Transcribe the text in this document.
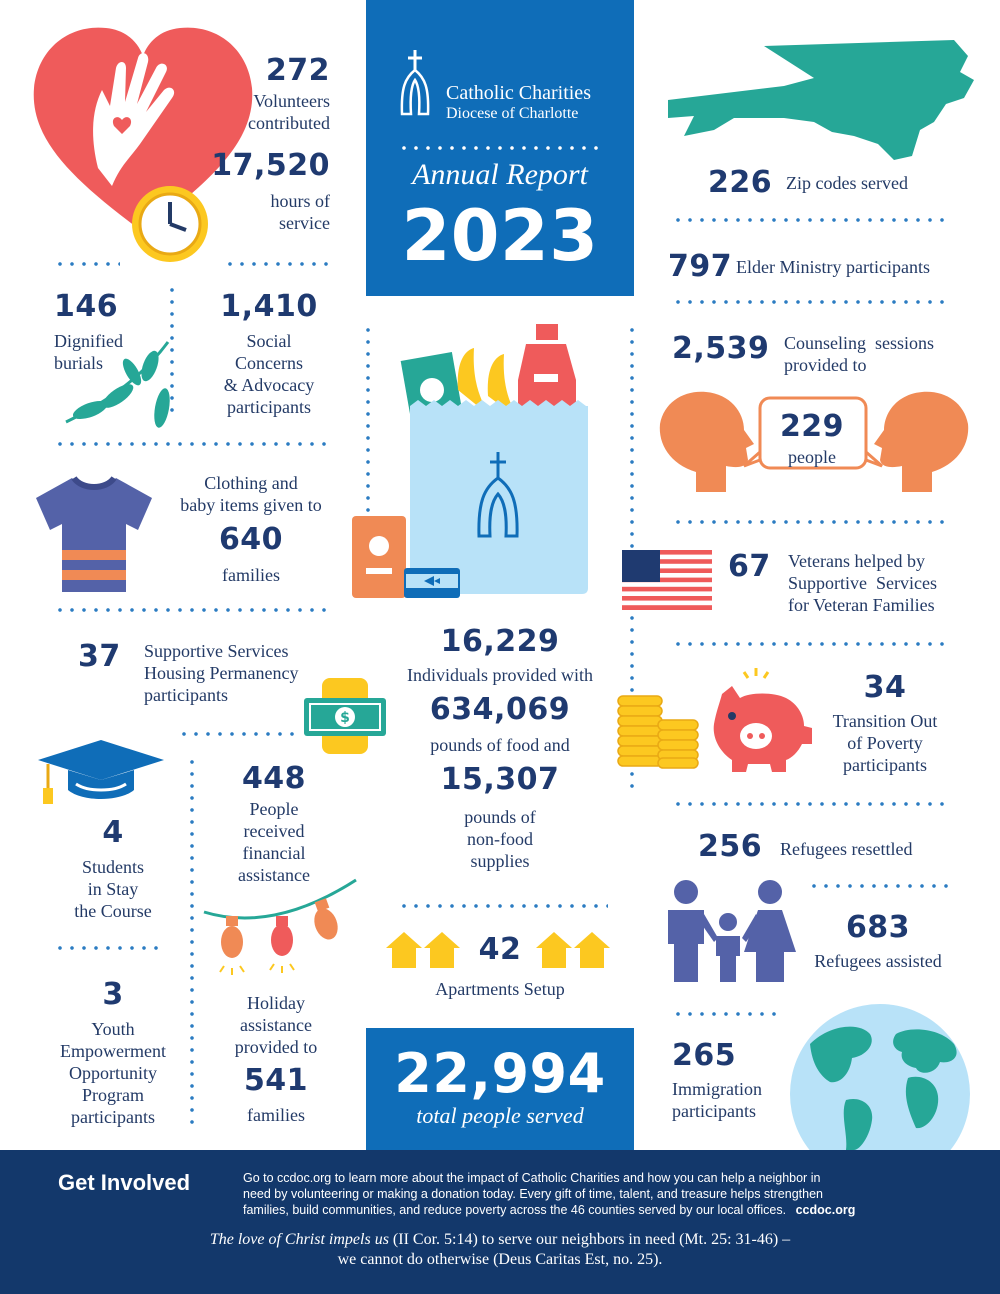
Catholic Charities
Diocese of Charlotte
Annual Report
2023
272
Volunteers
contributed
17,520
hours of
service
146
Dignified
burials
1,410
Social
Concerns
& Advocacy
participants
Clothing and
baby items given to
640
families
37 Supportive Services
Housing Permanency
participants
$
4
Students
in Stay
the Course
3
Youth
Empowerment
Opportunity
Program
participants
448
People
received
financial
assistance
Holiday
assistance
provided to
541
families
16,229
Individuals provided with
634,069
pounds of food and
15,307
pounds of
non-food
supplies
42
Apartments Setup
22,994
total people served
226 Zip codes served
797 Elder Ministry participants
2,539 Counseling  sessions
provided to
229
people
67 Veterans helped by
Supportive  Services
for Veteran Families
34
Transition Out
of Poverty
participants
256 Refugees resettled
683
Refugees assisted
265
Immigration
participants
Get Involved	Go to ccdoc.org to learn more about the impact of Catholic Charities and how you can help a neighbor in
need by volunteering or making a donation today. Every gift of time, talent, and treasure helps strengthen
families, build communities, and reduce poverty across the 46 counties served by our local offices. ccdoc.org
The love of Christ impels us (II Cor. 5:14) to serve our neighbors in need (Mt. 25: 31-46) –
we cannot do otherwise (Deus Caritas Est, no. 25).
